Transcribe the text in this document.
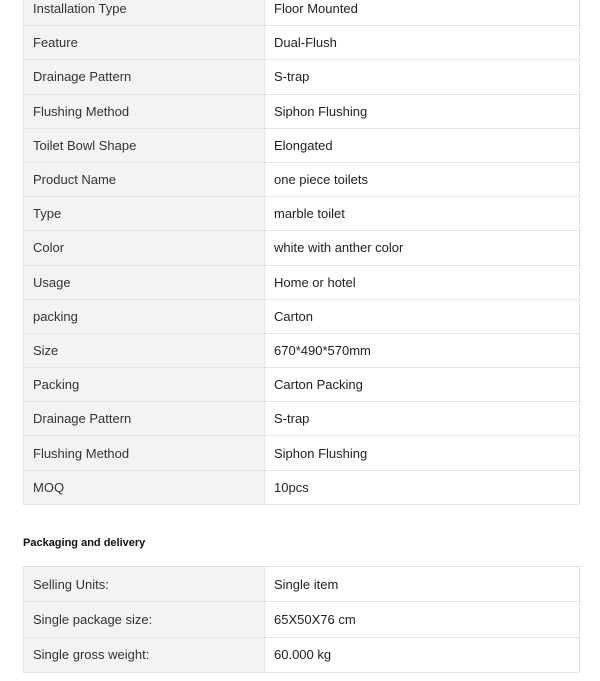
Installation Type	Floor Mounted
Feature	Dual-Flush
Drainage Pattern	S-trap
Flushing Method	Siphon Flushing
Toilet Bowl Shape	Elongated
Product Name	one piece toilets
Type	marble toilet
Color	white with anther color
Usage	Home or hotel
packing	Carton
Size	670*490*570mm
Packing	Carton Packing
Drainage Pattern	S-trap
Flushing Method	Siphon Flushing
MOQ	10pcs
Packaging and delivery
Selling Units:	Single item
Single package size:	65X50X76 cm
Single gross weight:	60.000 kg
